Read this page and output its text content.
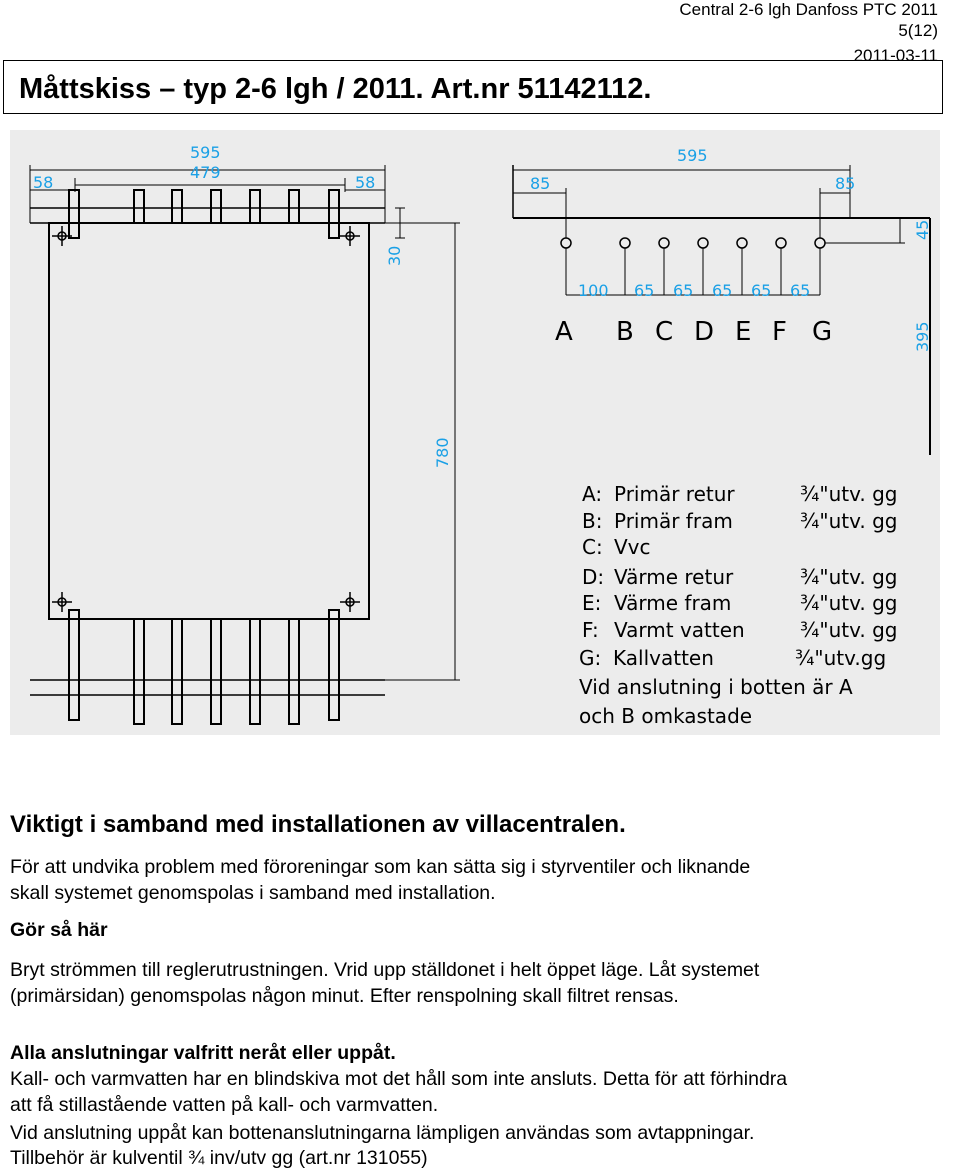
Central 2-6 lgh Danfoss PTC 2011
5(12)
2011-03-11
Måttskiss – typ 2-6 lgh / 2011. Art.nr 51142112.
595
479
58	58
30
780
595
85	85
45
395
100 65 65 65 65 65
A B C D E F G
A: Primär retur	¾"utv. gg
B: Primär fram	¾"utv. gg
C: Vvc
D: Värme retur	¾"utv. gg
E: Värme fram	¾"utv. gg
F: Varmt vatten	¾"utv. gg
G: Kallvatten	¾"utv.gg
Vid anslutning i botten är A
och B omkastade
Viktigt i samband med installationen av villacentralen.
För att undvika problem med föroreningar som kan sätta sig i styrventiler och liknande
skall systemet genomspolas i samband med installation.
Gör så här
Bryt strömmen till reglerutrustningen. Vrid upp ställdonet i helt öppet läge. Låt systemet
(primärsidan) genomspolas någon minut. Efter renspolning skall filtret rensas.
Alla anslutningar valfritt neråt eller uppåt.
Kall- och varmvatten har en blindskiva mot det håll som inte ansluts. Detta för att förhindra
att få stillastående vatten på kall- och varmvatten.
Vid anslutning uppåt kan bottenanslutningarna lämpligen användas som avtappningar.
Tillbehör är kulventil ¾ inv/utv gg (art.nr 131055)
